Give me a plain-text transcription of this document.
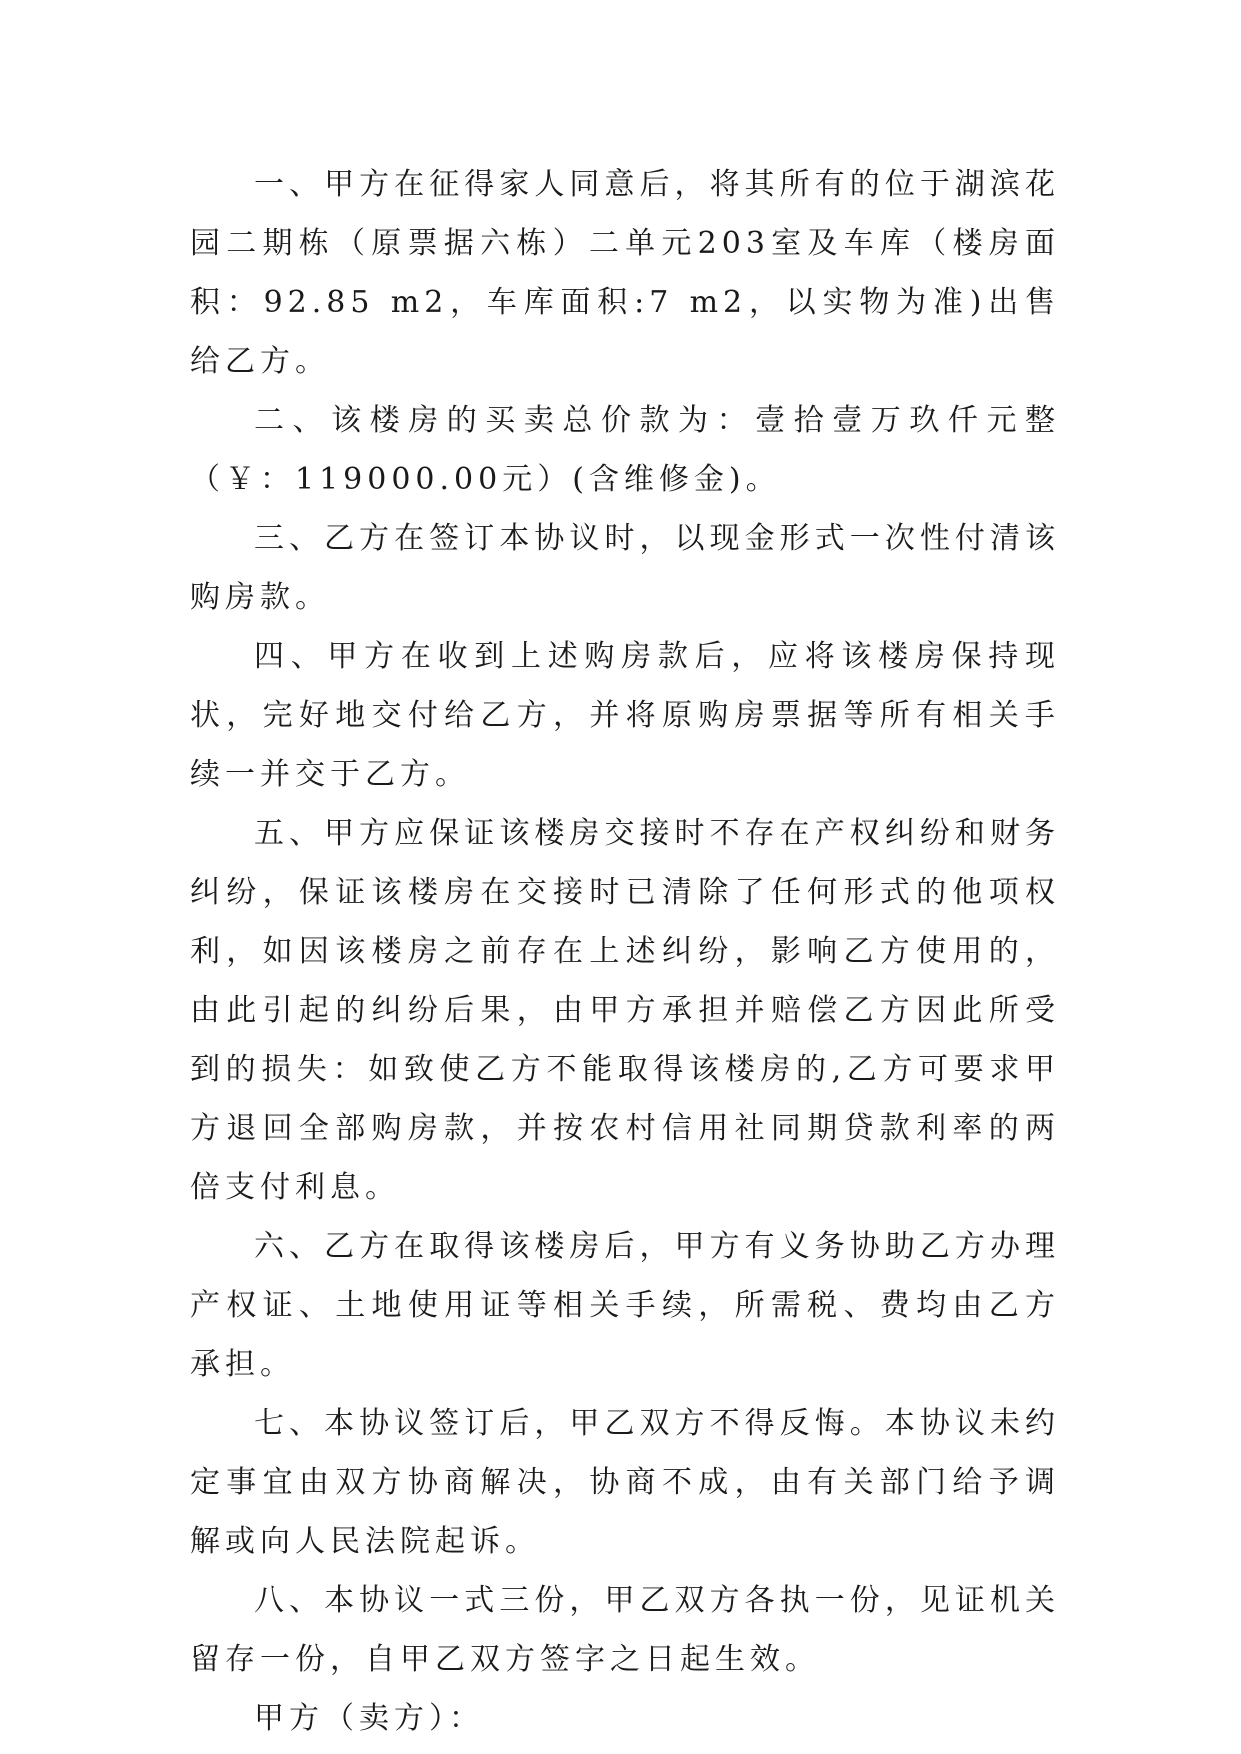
一、甲方在征得家人同意后，将其所有的位于湖滨花园二期栋（原票据六栋）二单元203室及车库（楼房面积：92.85 m2，车库面积:7 m2，以实物为准)出售给乙方。

二、该楼房的买卖总价款为：壹拾壹万玖仟元整（￥：119000.00元）(含维修金)。

三、乙方在签订本协议时，以现金形式一次性付清该购房款。

四、甲方在收到上述购房款后，应将该楼房保持现状，完好地交付给乙方，并将原购房票据等所有相关手续一并交于乙方。

五、甲方应保证该楼房交接时不存在产权纠纷和财务纠纷，保证该楼房在交接时已清除了任何形式的他项权利，如因该楼房之前存在上述纠纷，影响乙方使用的，由此引起的纠纷后果，由甲方承担并赔偿乙方因此所受到的损失：如致使乙方不能取得该楼房的,乙方可要求甲方退回全部购房款，并按农村信用社同期贷款利率的两倍支付利息。

六、乙方在取得该楼房后，甲方有义务协助乙方办理产权证、土地使用证等相关手续，所需税、费均由乙方承担。

七、本协议签订后，甲乙双方不得反悔。本协议未约定事宜由双方协商解决，协商不成，由有关部门给予调解或向人民法院起诉。

八、本协议一式三份，甲乙双方各执一份，见证机关留存一份，自甲乙双方签字之日起生效。

甲方（卖方）：
